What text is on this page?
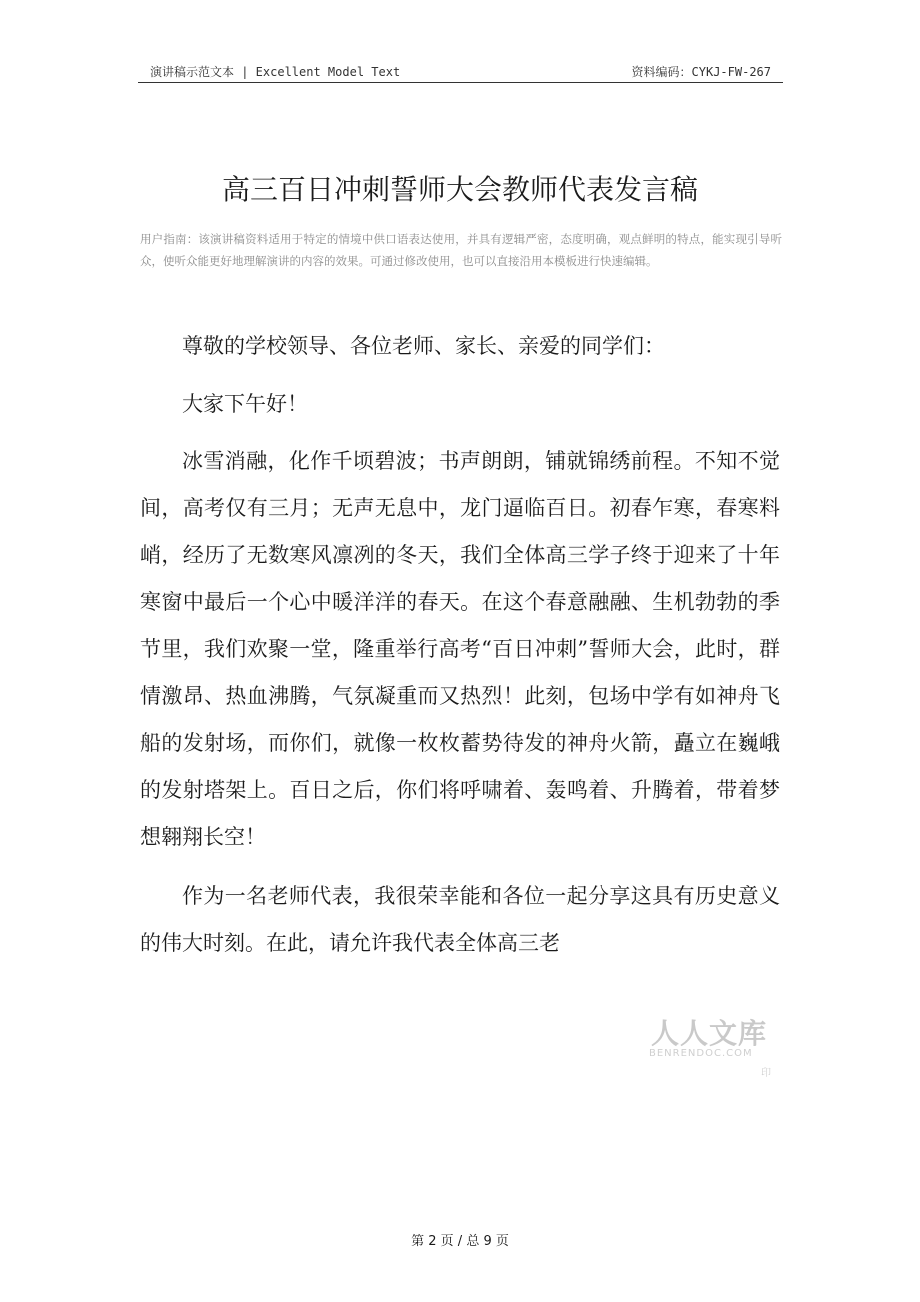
演讲稿示范文本 | Excellent Model Text	资料编码：CYKJ-FW-267
高三百日冲刺誓师大会教师代表发言稿
用户指南：该演讲稿资料适用于特定的情境中供口语表达使用，并具有逻辑严密，态度明确，观点鲜明的特点，能实现引导听众，使听众能更好地理解演讲的内容的效果。可通过修改使用，也可以直接沿用本模板进行快速编辑。

尊敬的学校领导、各位老师、家长、亲爱的同学们：

大家下午好！

冰雪消融，化作千顷碧波；书声朗朗，铺就锦绣前程。不知不觉间，高考仅有三月；无声无息中，龙门逼临百日。初春乍寒，春寒料峭，经历了无数寒风凛冽的冬天，我们全体高三学子终于迎来了十年寒窗中最后一个心中暖洋洋的春天。在这个春意融融、生机勃勃的季节里，我们欢聚一堂，隆重举行高考“百日冲刺”誓师大会，此时，群情激昂、热血沸腾，气氛凝重而又热烈！此刻，包场中学有如神舟飞船的发射场，而你们，就像一枚枚蓄势待发的神舟火箭，矗立在巍峨的发射塔架上。百日之后，你们将呼啸着、轰鸣着、升腾着，带着梦想翱翔长空！

作为一名老师代表，我很荣幸能和各位一起分享这具有历史意义的伟大时刻。在此，请允许我代表全体高三老

人人文库
BENRENDOC.COM
印
第 2 页 / 总 9 页
